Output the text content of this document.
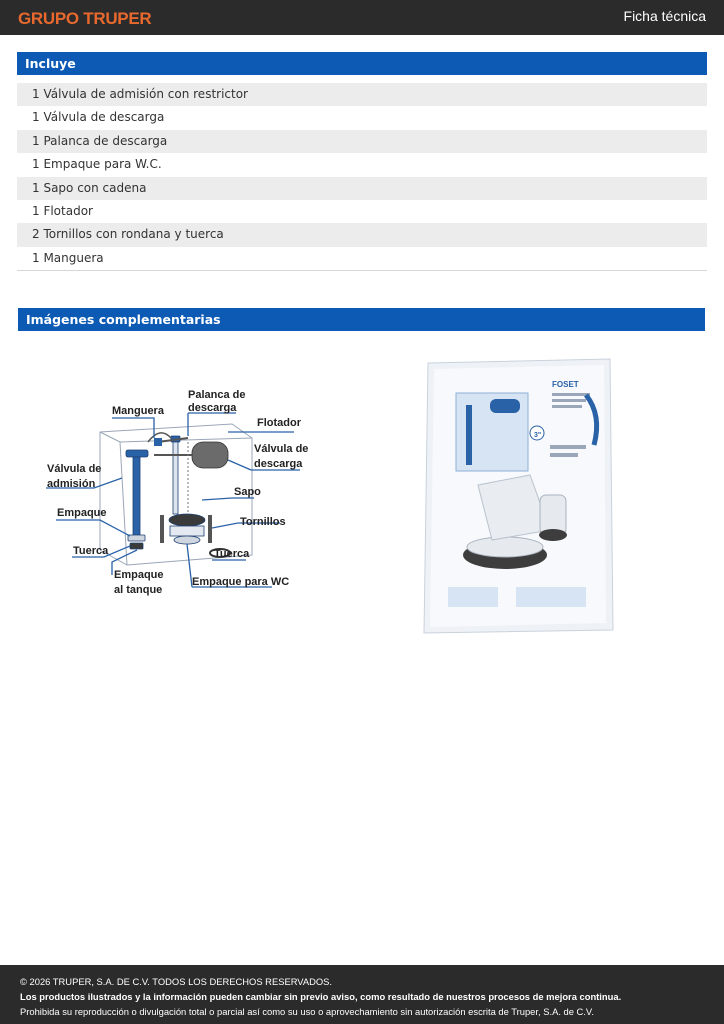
GRUPO TRUPER	Ficha técnica
Incluye
1 Válvula de admisión con restrictor
1 Válvula de descarga
1 Palanca de descarga
1 Empaque para W.C.
1 Sapo con cadena
1 Flotador
2 Tornillos con rondana y tuerca
1 Manguera
Imágenes complementarias
Manguera
Palanca de
descarga
Flotador
Válvula de
descarga
Válvula de
admisión
Sapo
Empaque
Tornillos
Tuerca	Tuerca
Empaque
al tanque
Empaque para WC
3"
FOSET
© 2026 TRUPER, S.A. DE C.V. TODOS LOS DERECHOS RESERVADOS.
Los productos ilustrados y la información pueden cambiar sin previo aviso, como resultado de nuestros procesos de mejora continua.
Prohibida su reproducción o divulgación total o parcial así como su uso o aprovechamiento sin autorización escrita de Truper, S.A. de C.V.
